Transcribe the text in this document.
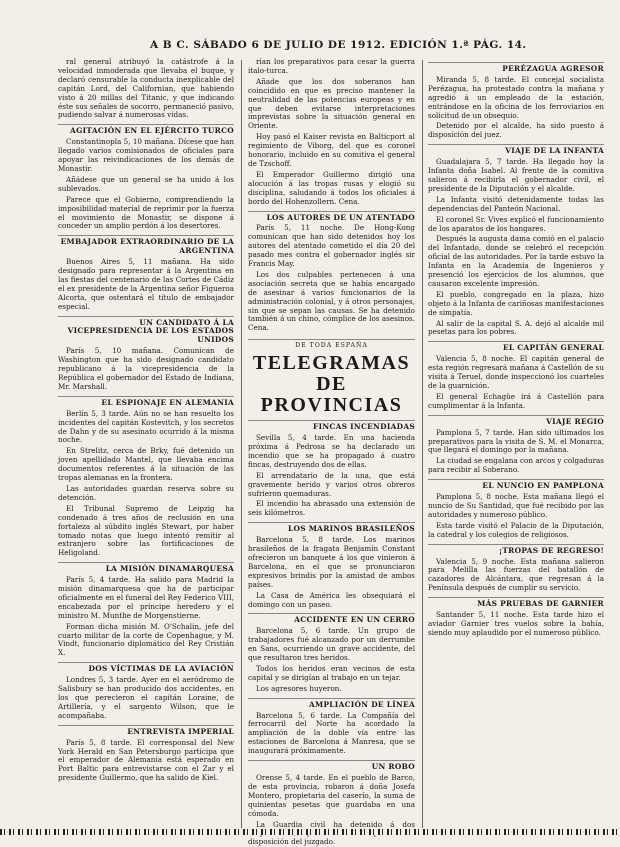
A B C. SÁBADO 6 DE JULIO DE 1912. EDICIÓN 1.ª PÁG. 14.

ral general atribuyó la catástrofe á la velocidad inmoderada que llevaba el buque, y declaró censurable la conducta inexplicable del capitán Lord, del Californian, que habiendo visto á 20 millas del Titanic, y que indicando éste sus señales de socorro, permaneció pasivo, pudiendo salvar á numerosas vidas.

AGITACIÓN EN EL EJÉRCITO TURCO

Constantinopla 5, 10 mañana. Dícese que han llegado varios comisionados de oficiales para apoyar las reivindicaciones de los demás de Monastir.

Añádese que un general se ha unido á los sublevados.

Parece que el Gobierno, comprendiendo la imposibilidad material de reprimir por la fuerza el movimiento de Monastir, se dispone á conceder un amplio perdón á los desertores.

EMBAJADOR EXTRAORDINARIO DE LA ARGENTINA

Buenos Aires 5, 11 mañana. Ha sido designado para representar á la Argentina en las fiestas del centenario de las Cortes de Cádiz el ex presidente de la Argentina señor Figueroa Alcorta, que ostentará el título de embajador especial.

UN CANDIDATO Á LA VICEPRESIDENCIA DE LOS ESTADOS UNIDOS

París 5, 10 mañana. Comunican de Washington que ha sido designado candidato republicano á la vicepresidencia de la República el gobernador del Estado de Indiana, Mr. Marshall.

EL ESPIONAJE EN ALEMANIA

Berlín 5, 3 tarde. Aún no se han resuelto los incidentes del capitán Kostevitch, y los secretos de Dahn y de su asesinato ocurrido á la misma noche.

En Strelitz, cerca de Brky, fué detenido un joven apellidado Mantel, que llevaba encima documentos referentes á la situación de las tropas alemanas en la frontera.

Las autoridades guardan reserva sobre su detención.

El Tribunal Supremo de Leipzig ha condenado á tres años de reclusión en una fortaleza al súbdito inglés Stewart, por haber tomado notas que luego intentó remitir al extranjero sobre las fortificaciones de Heligoland.

LA MISIÓN DINAMARQUESA

París 5, 4 tarde. Ha salido para Madrid la misión dinamarquesa que ha de participar oficialmente en el funeral del Rey Federico VIII, encabezada por el príncipe heredero y el ministro M. Munthe de Morgenstierne.

Forman dicha misión M. O'Schalin, jefe del cuarto militar de la corte de Copenhague, y M. Vindt, funcionario diplomático del Rey Cristián X.

DOS VÍCTIMAS DE LA AVIACIÓN

Londres 5, 3 tarde. Ayer en el aeródromo de Salisbury se han producido dos accidentes, en los que perecieron el capitán Loraine, de Artillería, y el sargento Wilson, que le acompañaba.

ENTREVISTA IMPERIAL

París 5, 8 tarde. El corresponsal del New York Herald en San Petersburgo participa que el emperador de Alemania está esperado en Port Baltic para entrevistarse con el Zar y el presidente Guillermo, que ha salido de Kiel.

rían los preparativos para cesar la guerra italo-turca.

Añade que los dos soberanos han coincidido en que es preciso mantener la neutralidad de las potencias europeas y en que deben evitarse interpretaciones imprevistas sobre la situación general en Oriente.

Hoy pasó el Kaiser revista en Balticport al regimiento de Viborg, del que es coronel honorario, incluido en su comitiva el general de Tzschoff.

El Emperador Guillermo dirigió una alocución á las tropas rusas y elogió su disciplina, saludando á todos los oficiales á bordo del Hohenzollern. Cena.

LOS AUTORES DE UN ATENTADO

París 5, 11 noche. De Hong-Kong comunican que han sido detenidos hoy los autores del atentado cometido el día 20 del pasado mes contra el gobernador inglés sir Francis May.

Los dos culpables pertenecen á una asociación secreta que se había encargado de asesinar á varios funcionarios de la administración colonial, y á otros personajes, sin que se sepan las causas. Se ha detenido también á un chino, cómplice de los asesinos. Cena.

DE TODA ESPAÑA
TELEGRAMAS DE PROVINCIAS
FINCAS INCENDIADAS

Sevilla 5, 4 tarde. En una hacienda próxima á Pedrosa se ha declarado un incendio que se ha propagado á cuatro fincas, destruyendo dos de ellas.

El arrendatario de la una, que está gravemente herido y varios otros obreros sufrieron quemaduras.

El incendio ha abrasado una extensión de seis kilómetros.

LOS MARINOS BRASILEÑOS

Barcelona 5, 8 tarde. Los marinos brasileños de la fragata Benjamín Constant ofrecieron un banquete á los que vinieron á Barcelona, en el que se pronunciaron expresivos brindis por la amistad de ambos países.

La Casa de América les obsequiará el domingo con un paseo.

ACCIDENTE EN UN CERRO

Barcelona 5, 6 tarde. Un grupo de trabajadores fué alcanzado por un derrumbe en Sans, ocurriendo un grave accidente, del que resultaron tres heridos.

Todos los heridos eran vecinos de esta capital y se dirigían al trabajo en un tejar.

Los agresores huyeron.

AMPLIACIÓN DE LÍNEA

Barcelona 5, 6 tarde. La Compañía del ferrocarril del Norte ha acordado la ampliación de la doble vía entre las estaciones de Barcelona á Manresa, que se inaugurará próximamente.

UN ROBO

Orense 5, 4 tarde. En el pueblo de Barco, de esta provincia, robaron á doña Josefa Montero, propietaria del caserío, la suma de quinientas pesetas que guardaba en una cómoda.

La Guardia civil ha detenido á dos disposición del juzgado.

PERÉZAGUA AGRESOR

Miranda 5, 8 tarde. El concejal socialista Perézagua, ha protestado contra la mañana y agredió á un empleado de la estación, entrándose en la oficina de los ferroviarios en solicitud de un obsequio.

Detenido por el alcalde, ha sido puesto á disposición del juez.

VIAJE DE LA INFANTA

Guadalajara 5, 7 tarde. Ha llegado hoy la Infanta doña Isabel. Al frente de la comitiva salieron á recibirla el gobernador civil, el presidente de la Diputación y el alcalde.

La Infanta visitó detenidamente todas las dependencias del Panteón Nacional.

El coronel Sr. Vives explicó el funcionamiento de los aparatos de los hangares.

Después la augusta dama comió en el palacio del Infantado, donde se celebró el recepción oficial de las autoridades. Por la tarde estuvo la Infanta en la Academia de Ingenieros y presenció los ejercicios de los alumnos, que causaron excelente impresión.

El pueblo, congregado en la plaza, hizo objeto á la Infanta de cariñosas manifestaciones de simpatía.

Al salir de la capital S. A. dejó al alcalde mil pesetas para los pobres.

EL CAPITÁN GENERAL

Valencia 5, 8 noche. El capitán general de esta región regresará mañana á Castellón de su visita á Teruel, donde inspeccionó los cuarteles de la guarnición.

El general Echagüe irá á Castellón para cumplimentar á la Infanta.

VIAJE REGIO

Pamplona 5, 7 tarde. Han sido ultimados los preparativos para la visita de S. M. el Monarca, que llegará el domingo por la mañana.

La ciudad se engalana con arcos y colgaduras para recibir al Soberano.

EL NUNCIO EN PAMPLONA

Pamplona 5, 8 noche. Esta mañana llegó el nuncio de Su Santidad, que fué recibido por las autoridades y numeroso público.

Esta tarde visitó el Palacio de la Diputación, la catedral y los colegios de religiosos.

¡TROPAS DE REGRESO!

Valencia 5, 9 noche. Esta mañana salieron para Melilla las fuerzas del batallón de cazadores de Alcántara, que regresan á la Península después de cumplir su servicio.

MÁS PRUEBAS DE GARNIER

Santander 5, 11 noche. Esta tarde hizo el aviador Garnier tres vuelos sobre la bahía, siendo muy aplaudido por el numeroso público.
